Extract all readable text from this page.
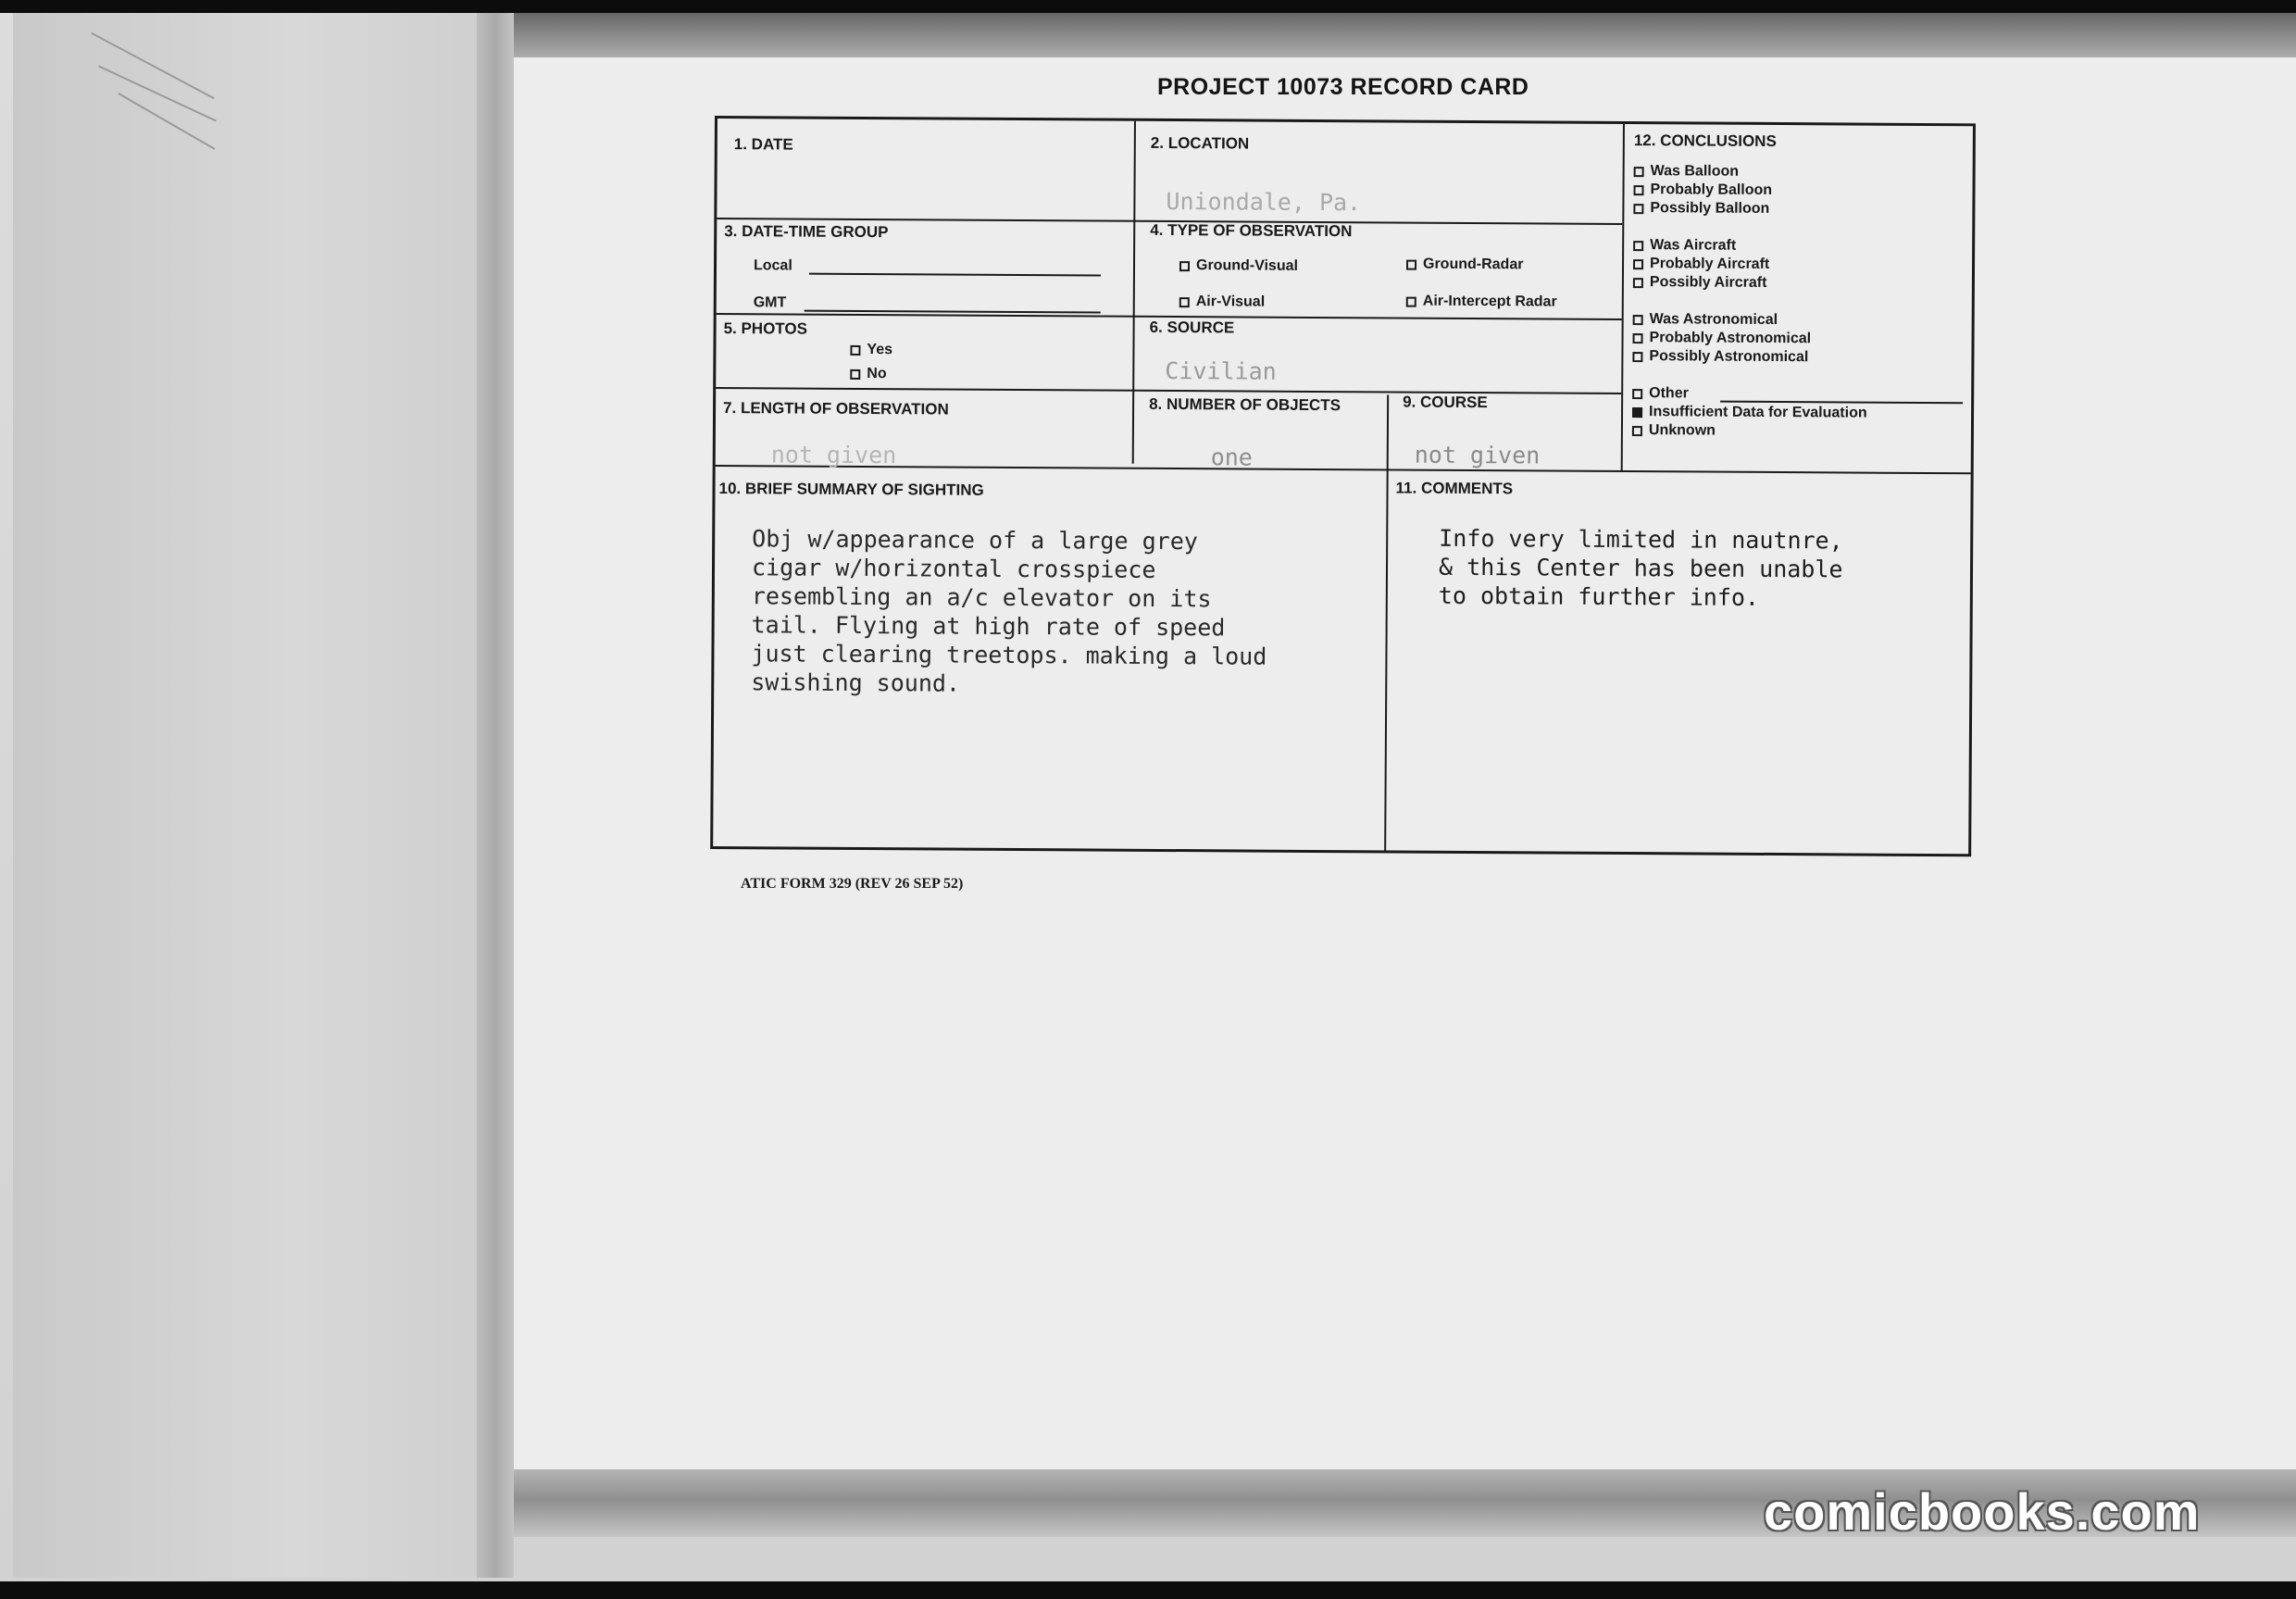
PROJECT 10073 RECORD CARD
1. DATE
	2. LOCATION
Uniondale, Pa.
3. DATE-TIME GROUP
Local
GMT
4. TYPE OF OBSERVATION
Ground-Visual	Ground-Radar
Air-Visual	Air-Intercept Radar
5. PHOTOS
Yes
No
6. SOURCE
Civilian
7. LENGTH OF OBSERVATION
not given
8. NUMBER OF OBJECTS
one
9. COURSE
not given
10. BRIEF SUMMARY OF SIGHTING
Obj w/appearance of a large grey
cigar w/horizontal crosspiece
resembling an a/c elevator on its
tail. Flying at high rate of speed
just clearing treetops. making a loud
swishing sound.
11. COMMENTS
Info very limited in nautnre,
& this Center has been unable
to obtain further info.
12. CONCLUSIONS
Was Balloon
Probably Balloon
Possibly Balloon
Was Aircraft
Probably Aircraft
Possibly Aircraft
Was Astronomical
Probably Astronomical
Possibly Astronomical
Other
Insufficient Data for Evaluation
Unknown
ATIC FORM 329 (REV 26 SEP 52)
comicbooks.com
